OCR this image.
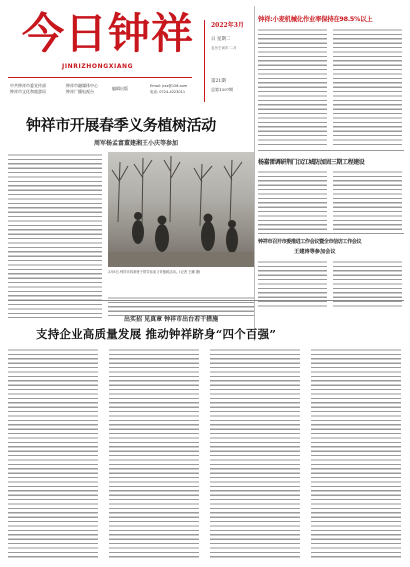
今日钟祥
JINRIZHONGXIANG
中共钟祥市委宣传部
钟祥市文化和旅游局
钟祥市融媒体中心
钟祥广播电视台
编辑出版	Email: jrzx@126.com
电话: 0724-4223011
2022年3月
日 星期二
农历壬寅年·二月
第21期
总第1397期
钟祥:小麦机械化作业率保持在98.5%以上
杨嘉雷调研荆门汉江城防加固三期工程建设
钟祥市召开市委推进工作会议暨全市信访工作会议
王建涛等参加会议
钟祥市开展春季义务植树活动
周军杨孟富董建湘王小庆等参加
3月8日,钟祥市四套班子领导参加义务植树活动。(记者 王鹏 摄)
出实招 见真章 钟祥市出台若干措施
支持企业高质量发展 推动钟祥跻身“四个百强”
